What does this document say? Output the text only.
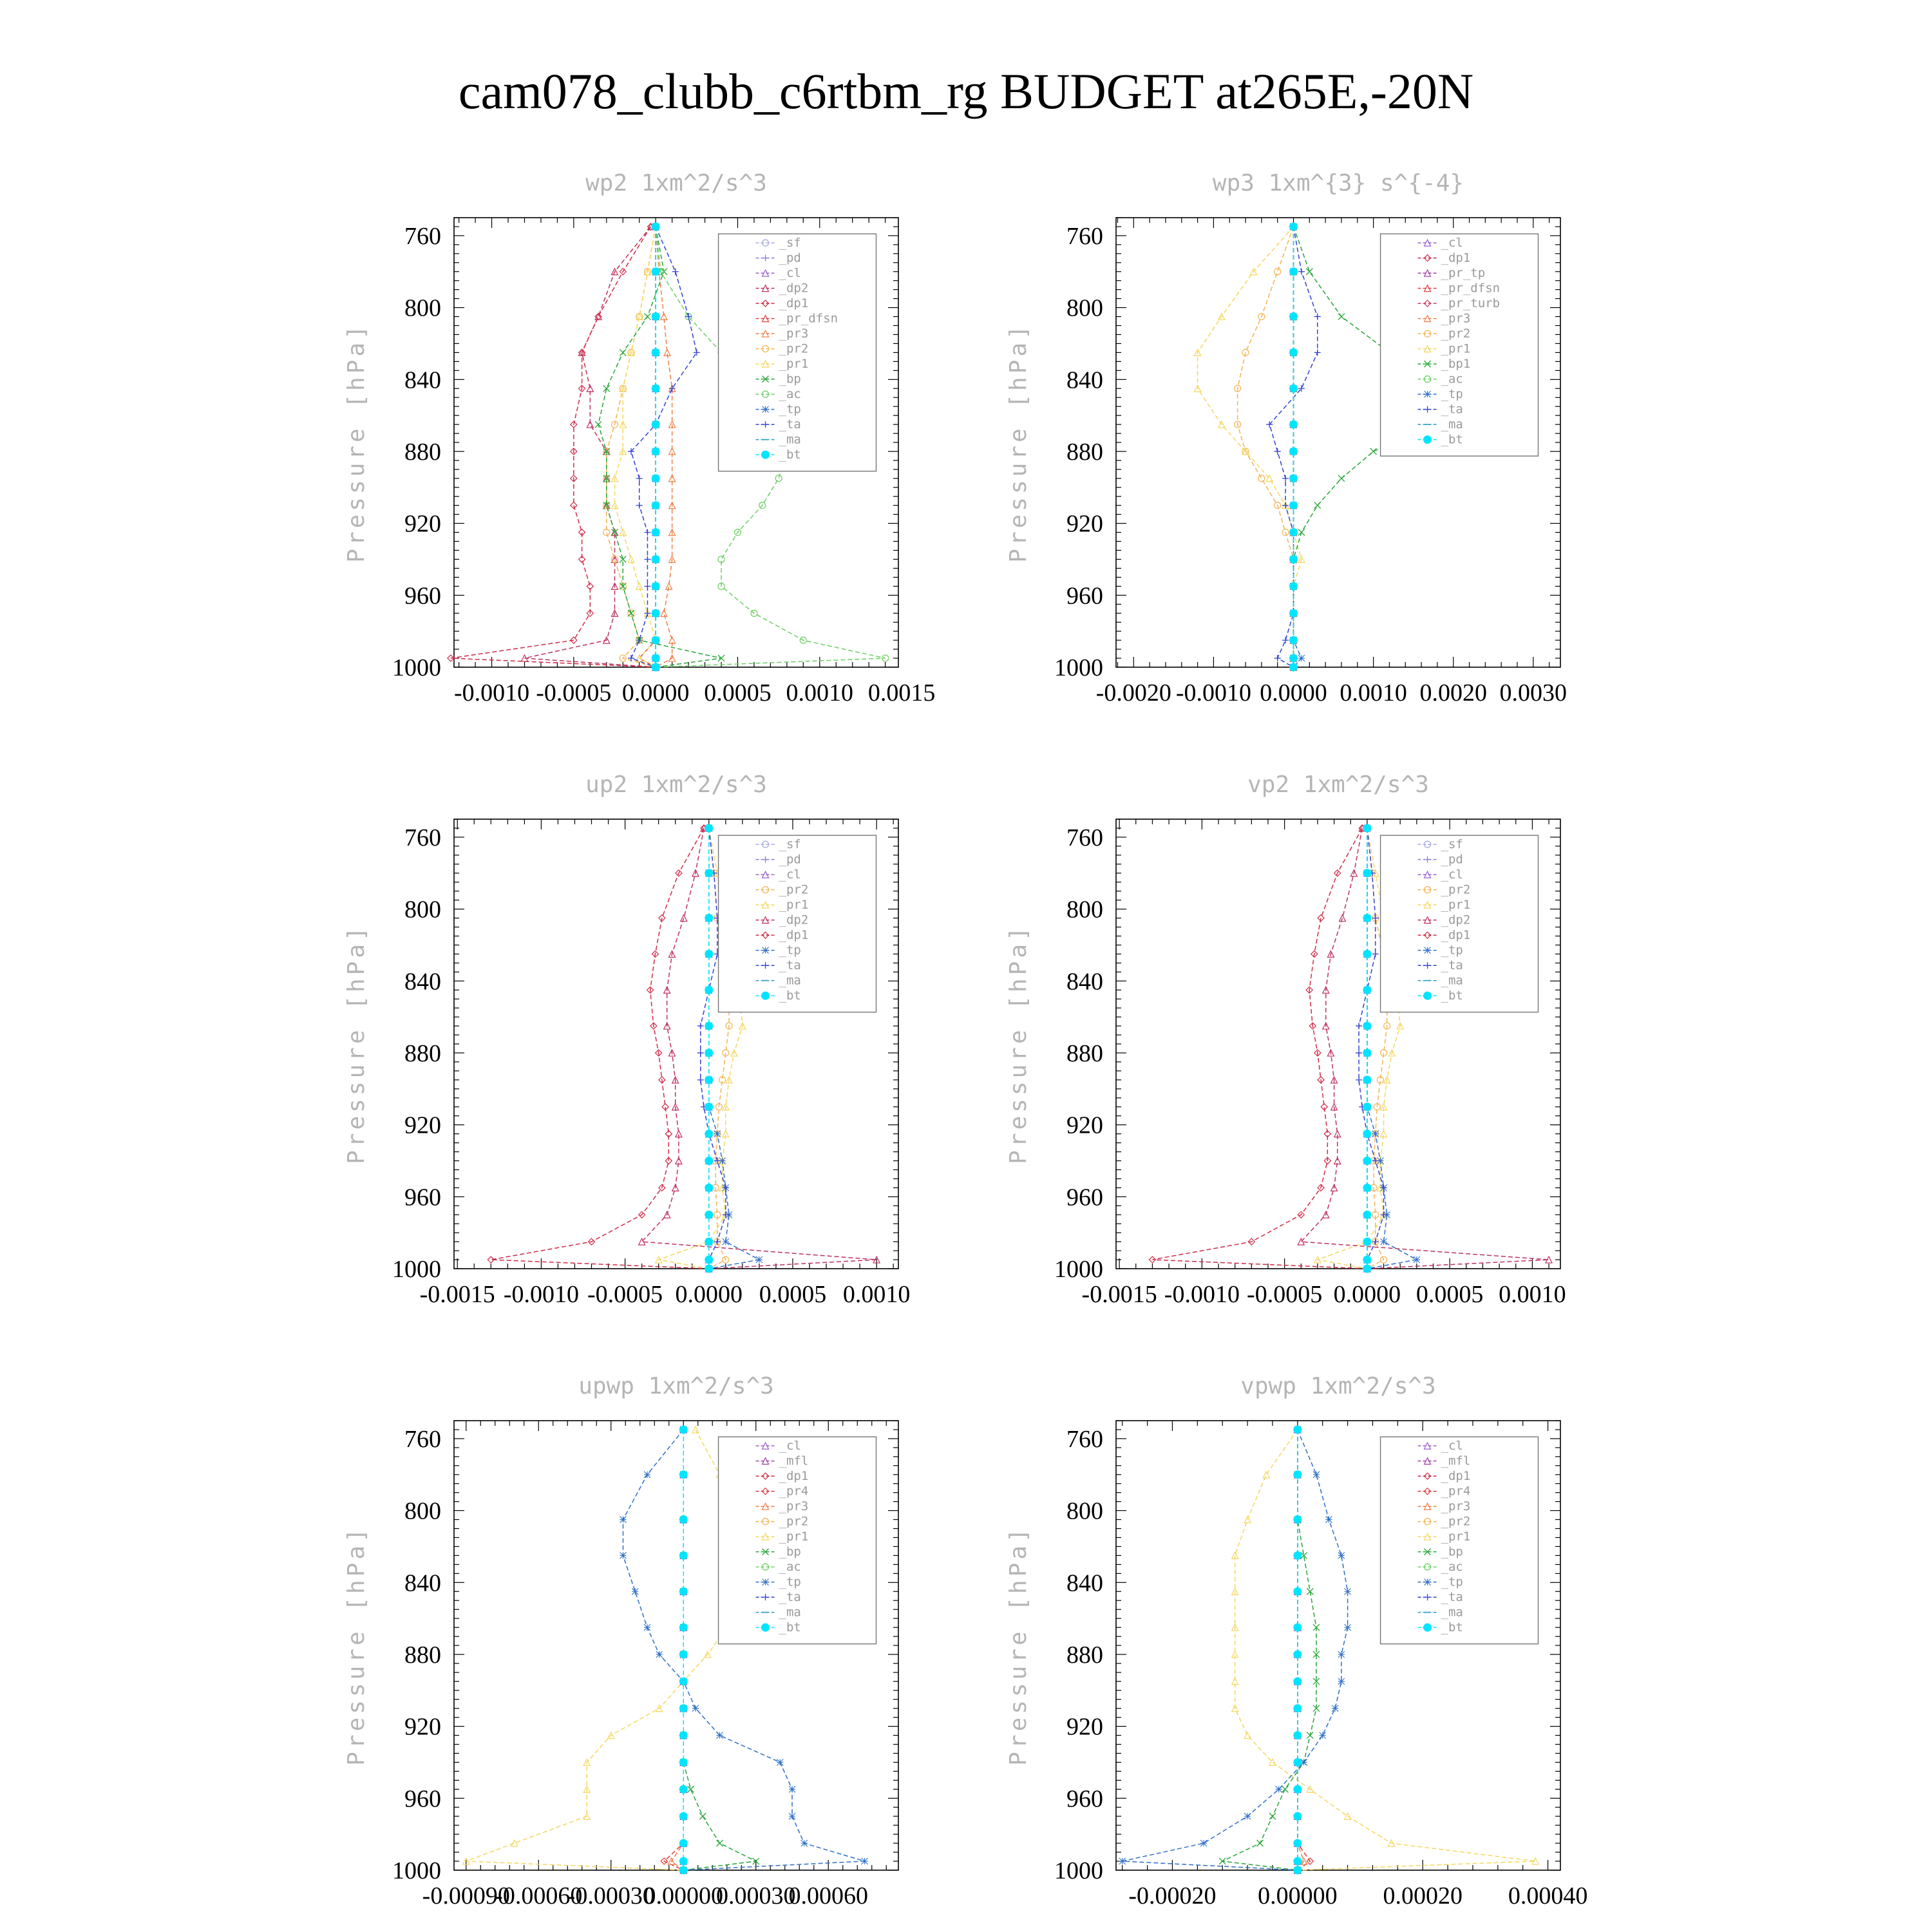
cam078_clubb_c6rtbm_rg BUDGET at265E,-20N
wp2 1xm^2/s^3
Pressure [hPa]
760
800
840
880
920
960
1000
-0.0010 -0.0005 0.0000 0.0005 0.0010 0.0015
_sf
_pd
_cl
_dp2
_dp1
_pr_dfsn
_pr3
_pr2
_pr1
_bp
_ac
_tp
_ta
_ma
_bt
wp3 1xm^{3} s^{-4}
Pressure [hPa]
760
800
840
880
920
960
1000
-0.0020 -0.0010 0.0000 0.0010 0.0020 0.0030
_cl
_dp1
_pr_tp
_pr_dfsn
_pr_turb
_pr3
_pr2
_pr1
_bp1
_ac
_tp
_ta
_ma
_bt
up2 1xm^2/s^3
Pressure [hPa]
760
800
840
880
920
960
1000
-0.0015 -0.0010 -0.0005 0.0000 0.0005 0.0010
_sf
_pd
_cl
_pr2
_pr1
_dp2
_dp1
_tp
_ta
_ma
_bt
vp2 1xm^2/s^3
Pressure [hPa]
760
800
840
880
920
960
1000
-0.0015 -0.0010 -0.0005 0.0000 0.0005 0.0010
_sf
_pd
_cl
_pr2
_pr1
_dp2
_dp1
_tp
_ta
_ma
_bt
upwp 1xm^2/s^3
Pressure [hPa]
760
800
840
880
920
960
1000
-0.00090
-0.00060
-0.00030
0.00000
0.00030
0.00060
_cl
_mfl
_dp1
_pr4
_pr3
_pr2
_pr1
_bp
_ac
_tp
_ta
_ma
_bt
vpwp 1xm^2/s^3
Pressure [hPa]
760
800
840
880
920
960
1000
-0.00020 0.00000 0.00020 0.00040
_cl
_mfl
_dp1
_pr4
_pr3
_pr2
_pr1
_bp
_ac
_tp
_ta
_ma
_bt
